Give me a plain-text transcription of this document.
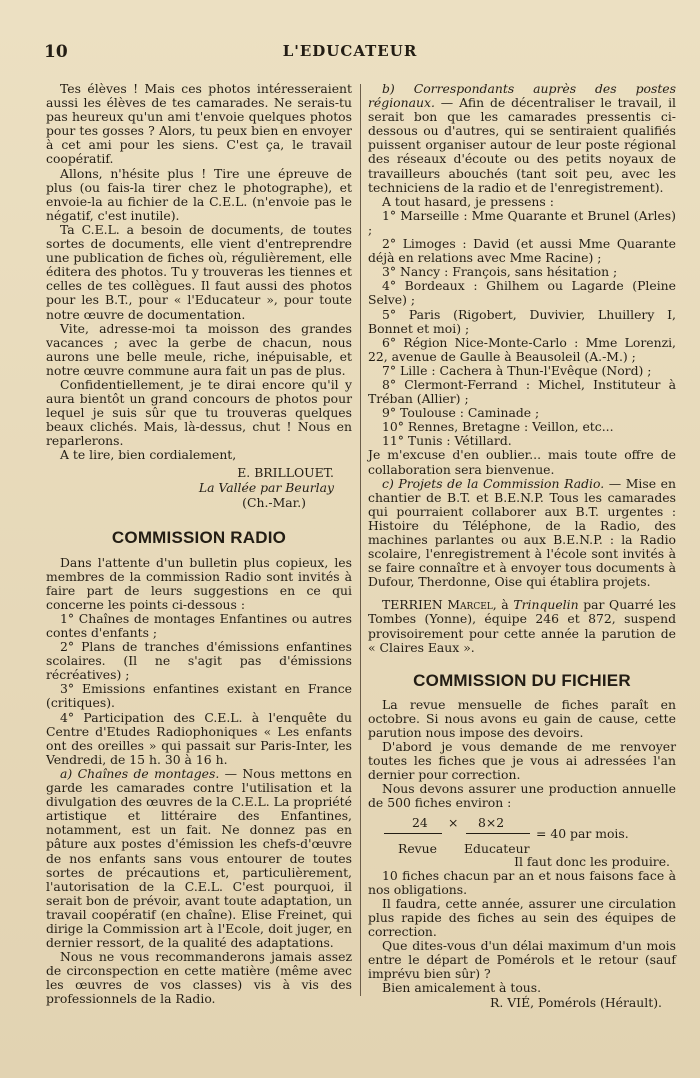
10	L'EDUCATEUR

Tes élèves ! Mais ces photos intéresseraient aussi les élèves de tes camarades. Ne serais-tu pas heureux qu'un ami t'envoie quelques photos pour tes gosses ? Alors, tu peux bien en envoyer à cet ami pour les siens. C'est ça, le travail coopératif.

Allons, n'hésite plus ! Tire une épreuve de plus (ou fais-la tirer chez le photographe), et envoie-la au fichier de la C.E.L. (n'envoie pas le négatif, c'est inutile).

Ta C.E.L. a besoin de documents, de toutes sortes de documents, elle vient d'entreprendre une publication de fiches où, régulièrement, elle éditera des photos. Tu y trouveras les tiennes et celles de tes collègues. Il faut aussi des photos pour les B.T., pour « l'Educateur », pour toute notre œuvre de documentation.

Vite, adresse-moi ta moisson des grandes vacances ; avec la gerbe de chacun, nous aurons une belle meule, riche, inépuisable, et notre œuvre commune aura fait un pas de plus.

Confidentiellement, je te dirai encore qu'il y aura bientôt un grand concours de photos pour lequel je suis sûr que tu trouveras quelques beaux clichés. Mais, là-dessus, chut ! Nous en reparlerons.

A te lire, bien cordialement,

E. BRILLOUET.

La Vallée par Beurlay

(Ch.-Mar.)

COMMISSION RADIO

Dans l'attente d'un bulletin plus copieux, les membres de la commission Radio sont invités à faire part de leurs suggestions en ce qui concerne les points ci-dessous :

1° Chaînes de montages Enfantines ou autres contes d'enfants ;

2° Plans de tranches d'émissions enfantines scolaires. (Il ne s'agit pas d'émissions récréatives) ;

3° Emissions enfantines existant en France (critiques).

4° Participation des C.E.L. à l'enquête du Centre d'Etudes Radiophoniques « Les enfants ont des oreilles » qui passait sur Paris-Inter, les Vendredi, de 15 h. 30 à 16 h.

a) Chaînes de montages. — Nous mettons en garde les camarades contre l'utilisation et la divulgation des œuvres de la C.E.L. La propriété artistique et littéraire des Enfantines, notamment, est un fait. Ne donnez pas en pâture aux postes d'émission les chefs-d'œuvre de nos enfants sans vous entourer de toutes sortes de précautions et, particulièrement, l'autorisation de la C.E.L. C'est pourquoi, il serait bon de prévoir, avant toute adaptation, un travail coopératif (en chaîne). Elise Freinet, qui dirige la Commission art à l'Ecole, doit juger, en dernier ressort, de la qualité des adaptations.

Nous ne vous recommanderons jamais assez de circonspection en cette matière (même avec les œuvres de vos classes) vis à vis des professionnels de la Radio.

b) Correspondants auprès des postes régionaux. — Afin de décentraliser le travail, il serait bon que les camarades pressentis ci-dessous ou d'autres, qui se sentiraient qualifiés puissent organiser autour de leur poste régional des réseaux d'écoute ou des petits noyaux de travailleurs abouchés (tant soit peu, avec les techniciens de la radio et de l'enregistrement).

A tout hasard, je pressens :

1° Marseille : Mme Quarante et Brunel (Arles) ;

2° Limoges : David (et aussi Mme Quarante déjà en relations avec Mme Racine) ;

3° Nancy : François, sans hésitation ;

4° Bordeaux : Ghilhem ou Lagarde (Pleine Selve) ;

5° Paris (Rigobert, Duvivier, Lhuillery I, Bonnet et moi) ;

6° Région Nice-Monte-Carlo : Mme Lorenzi, 22, avenue de Gaulle à Beausoleil (A.-M.) ;

7° Lille : Cachera à Thun-l'Evêque (Nord) ;

8° Clermont-Ferrand : Michel, Instituteur à Tréban (Allier) ;

9° Toulouse : Caminade ;

10° Rennes, Bretagne : Veillon, etc...

11° Tunis : Vétillard.

Je m'excuse d'en oublier... mais toute offre de collaboration sera bienvenue.

c) Projets de la Commission Radio. — Mise en chantier de B.T. et B.E.N.P. Tous les camarades qui pourraient collaborer aux B.T. urgentes : Histoire du Téléphone, de la Radio, des machines parlantes ou aux B.E.N.P. : la Radio scolaire, l'enregistrement à l'école sont invités à se faire connaître et à envoyer tous documents à Dufour, Therdonne, Oise qui établira projets.

TERRIEN Marcel, à Trinquelin par Quarré les Tombes (Yonne), équipe 246 et 872, suspend provisoirement pour cette année la parution de « Claires Eaux ».

COMMISSION DU FICHIER

La revue mensuelle de fiches paraît en octobre. Si nous avons eu gain de cause, cette parution nous impose des devoirs.

D'abord je vous demande de me renvoyer toutes les fiches que je vous ai adressées l'an dernier pour correction.

Nous devons assurer une production annuelle de 500 fiches environ :

24 × 8×2
= 40 par mois.
Revue Educateur

Il faut donc les produire.

10 fiches chacun par an et nous faisons face à nos obligations.

Il faudra, cette année, assurer une circulation plus rapide des fiches au sein des équipes de correction.

Que dites-vous d'un délai maximum d'un mois entre le départ de Pomérols et le retour (sauf imprévu bien sûr) ?

Bien amicalement à tous.

R. VIÉ, Pomérols (Hérault).
